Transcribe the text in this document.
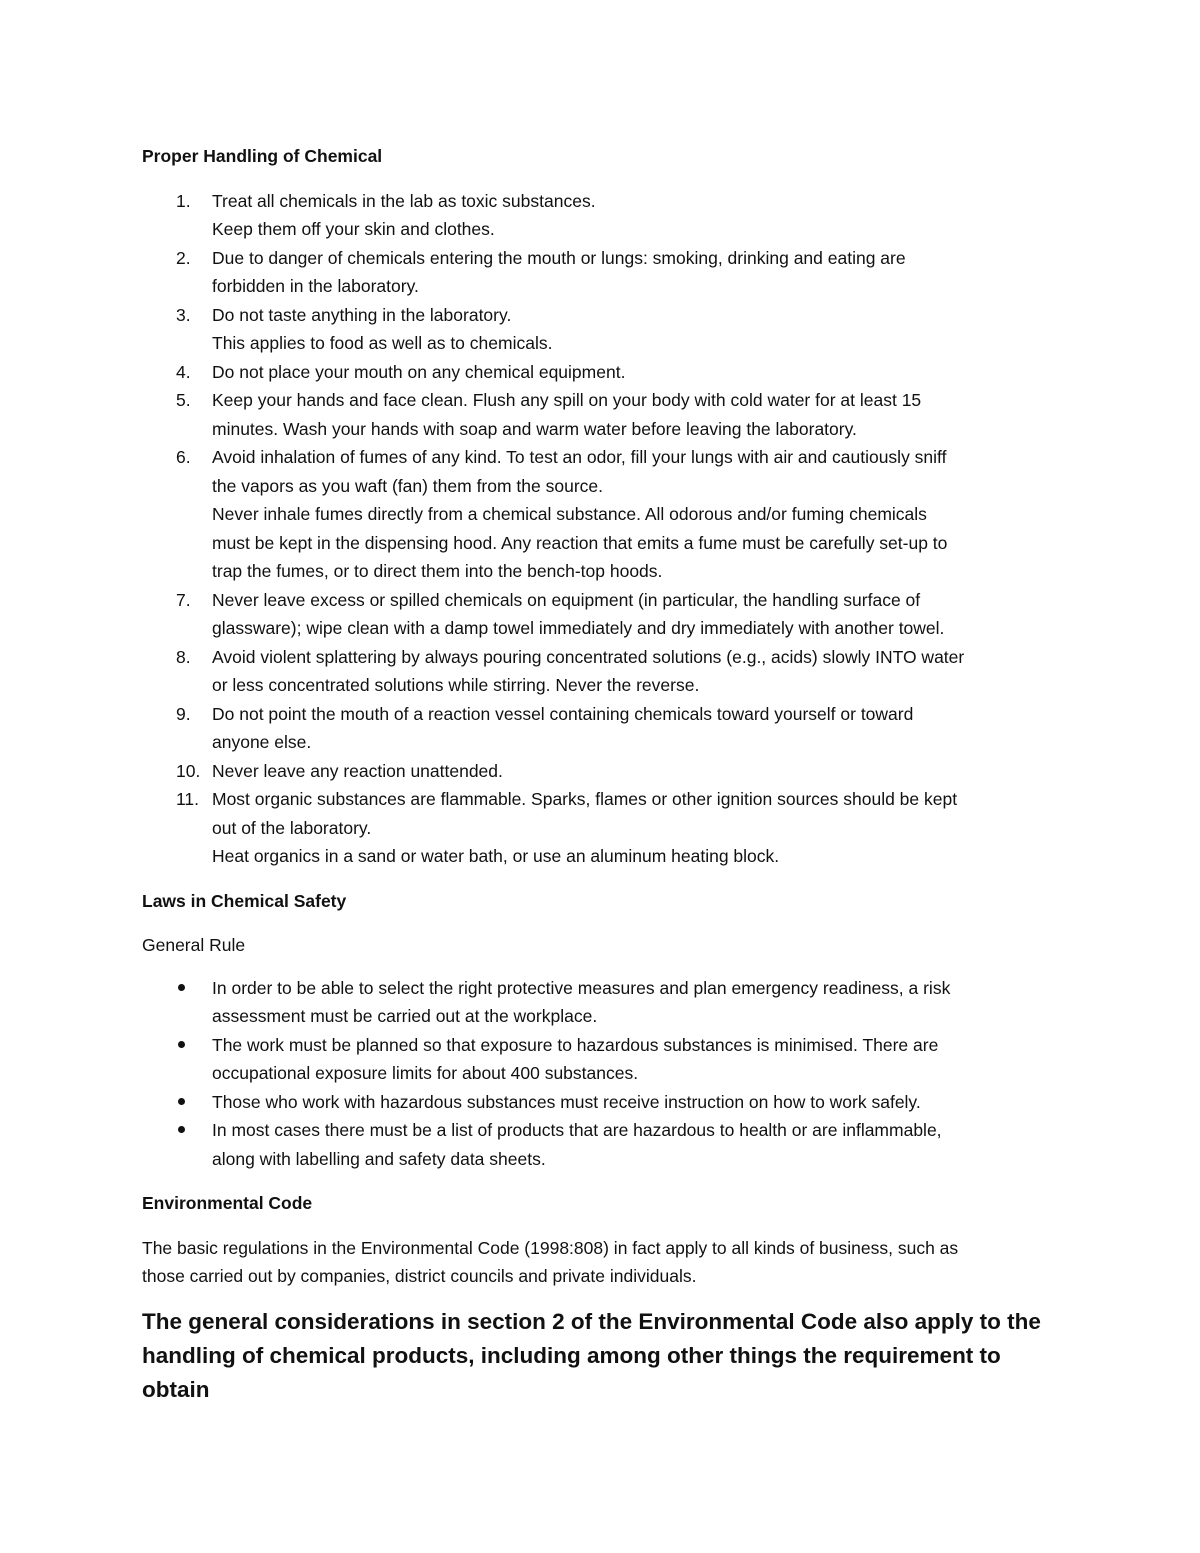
Proper Handling of Chemical
1. Treat all chemicals in the lab as toxic substances.
Keep them off your skin and clothes.
2. Due to danger of chemicals entering the mouth or lungs: smoking, drinking and eating are
forbidden in the laboratory.
3. Do not taste anything in the laboratory.
This applies to food as well as to chemicals.
4. Do not place your mouth on any chemical equipment.
5. Keep your hands and face clean. Flush any spill on your body with cold water for at least 15
minutes. Wash your hands with soap and warm water before leaving the laboratory.
6. Avoid inhalation of fumes of any kind. To test an odor, fill your lungs with air and cautiously sniff
the vapors as you waft (fan) them from the source.
Never inhale fumes directly from a chemical substance. All odorous and/or fuming chemicals
must be kept in the dispensing hood. Any reaction that emits a fume must be carefully set-up to
trap the fumes, or to direct them into the bench-top hoods.
7. Never leave excess or spilled chemicals on equipment (in particular, the handling surface of
glassware); wipe clean with a damp towel immediately and dry immediately with another towel.
8. Avoid violent splattering by always pouring concentrated solutions (e.g., acids) slowly INTO water
or less concentrated solutions while stirring. Never the reverse.
9. Do not point the mouth of a reaction vessel containing chemicals toward yourself or toward
anyone else.
10. Never leave any reaction unattended.
11. Most organic substances are flammable. Sparks, flames or other ignition sources should be kept
out of the laboratory.
Heat organics in a sand or water bath, or use an aluminum heating block.
Laws in Chemical Safety
General Rule
In order to be able to select the right protective measures and plan emergency readiness, a risk
assessment must be carried out at the workplace.
The work must be planned so that exposure to hazardous substances is minimised. There are
occupational exposure limits for about 400 substances.
Those who work with hazardous substances must receive instruction on how to work safely.
In most cases there must be a list of products that are hazardous to health or are inflammable,
along with labelling and safety data sheets.
Environmental Code
The basic regulations in the Environmental Code (1998:808) in fact apply to all kinds of business, such as
those carried out by companies, district councils and private individuals.
The general considerations in section 2 of the Environmental Code also apply to the
handling of chemical products, including among other things the requirement to obtain
